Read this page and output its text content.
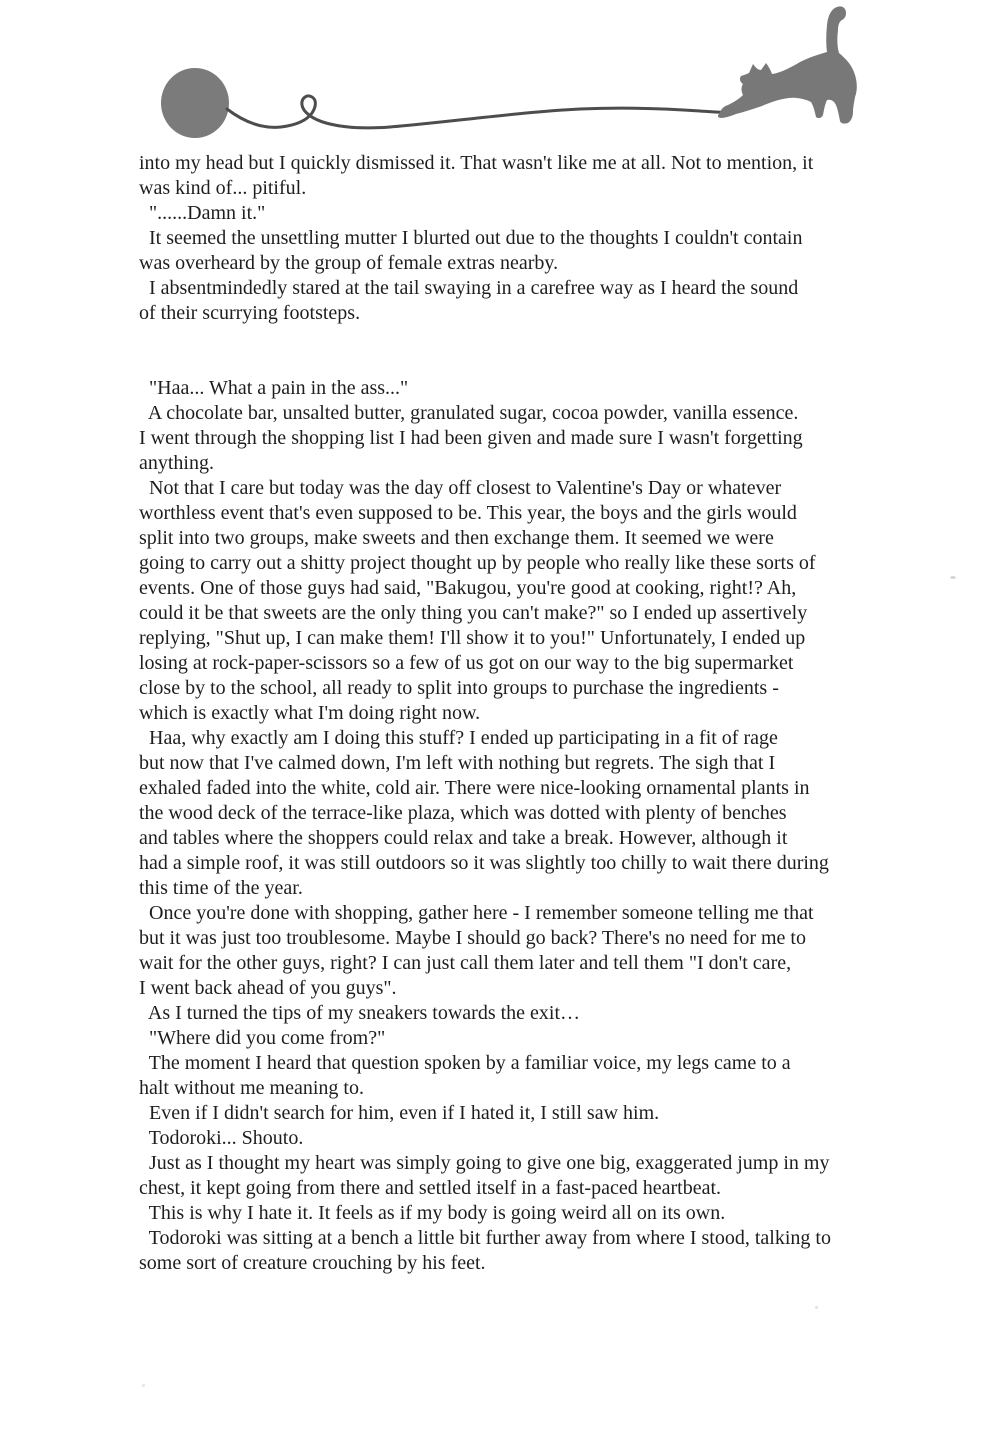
into my head but I quickly dismissed it. That wasn't like me at all. Not to mention, it
was kind of... pitiful.
"......Damn it."
It seemed the unsettling mutter I blurted out due to the thoughts I couldn't contain
was overheard by the group of female extras nearby.
I absentmindedly stared at the tail swaying in a carefree way as I heard the sound
of their scurrying footsteps.
"Haa... What a pain in the ass..."
A chocolate bar, unsalted butter, granulated sugar, cocoa powder, vanilla essence.
I went through the shopping list I had been given and made sure I wasn't forgetting
anything.
Not that I care but today was the day off closest to Valentine's Day or whatever
worthless event that's even supposed to be. This year, the boys and the girls would
split into two groups, make sweets and then exchange them. It seemed we were
going to carry out a shitty project thought up by people who really like these sorts of
events. One of those guys had said, "Bakugou, you're good at cooking, right!? Ah,
could it be that sweets are the only thing you can't make?" so I ended up assertively
replying, "Shut up, I can make them! I'll show it to you!" Unfortunately, I ended up
losing at rock-paper-scissors so a few of us got on our way to the big supermarket
close by to the school, all ready to split into groups to purchase the ingredients -
which is exactly what I'm doing right now.
Haa, why exactly am I doing this stuff? I ended up participating in a fit of rage
but now that I've calmed down, I'm left with nothing but regrets. The sigh that I
exhaled faded into the white, cold air. There were nice-looking ornamental plants in
the wood deck of the terrace-like plaza, which was dotted with plenty of benches
and tables where the shoppers could relax and take a break. However, although it
had a simple roof, it was still outdoors so it was slightly too chilly to wait there during
this time of the year.
Once you're done with shopping, gather here - I remember someone telling me that
but it was just too troublesome. Maybe I should go back? There's no need for me to
wait for the other guys, right? I can just call them later and tell them "I don't care,
I went back ahead of you guys".
As I turned the tips of my sneakers towards the exit…
"Where did you come from?"
The moment I heard that question spoken by a familiar voice, my legs came to a
halt without me meaning to.
Even if I didn't search for him, even if I hated it, I still saw him.
Todoroki... Shouto.
Just as I thought my heart was simply going to give one big, exaggerated jump in my
chest, it kept going from there and settled itself in a fast-paced heartbeat.
This is why I hate it. It feels as if my body is going weird all on its own.
Todoroki was sitting at a bench a little bit further away from where I stood, talking to
some sort of creature crouching by his feet.
